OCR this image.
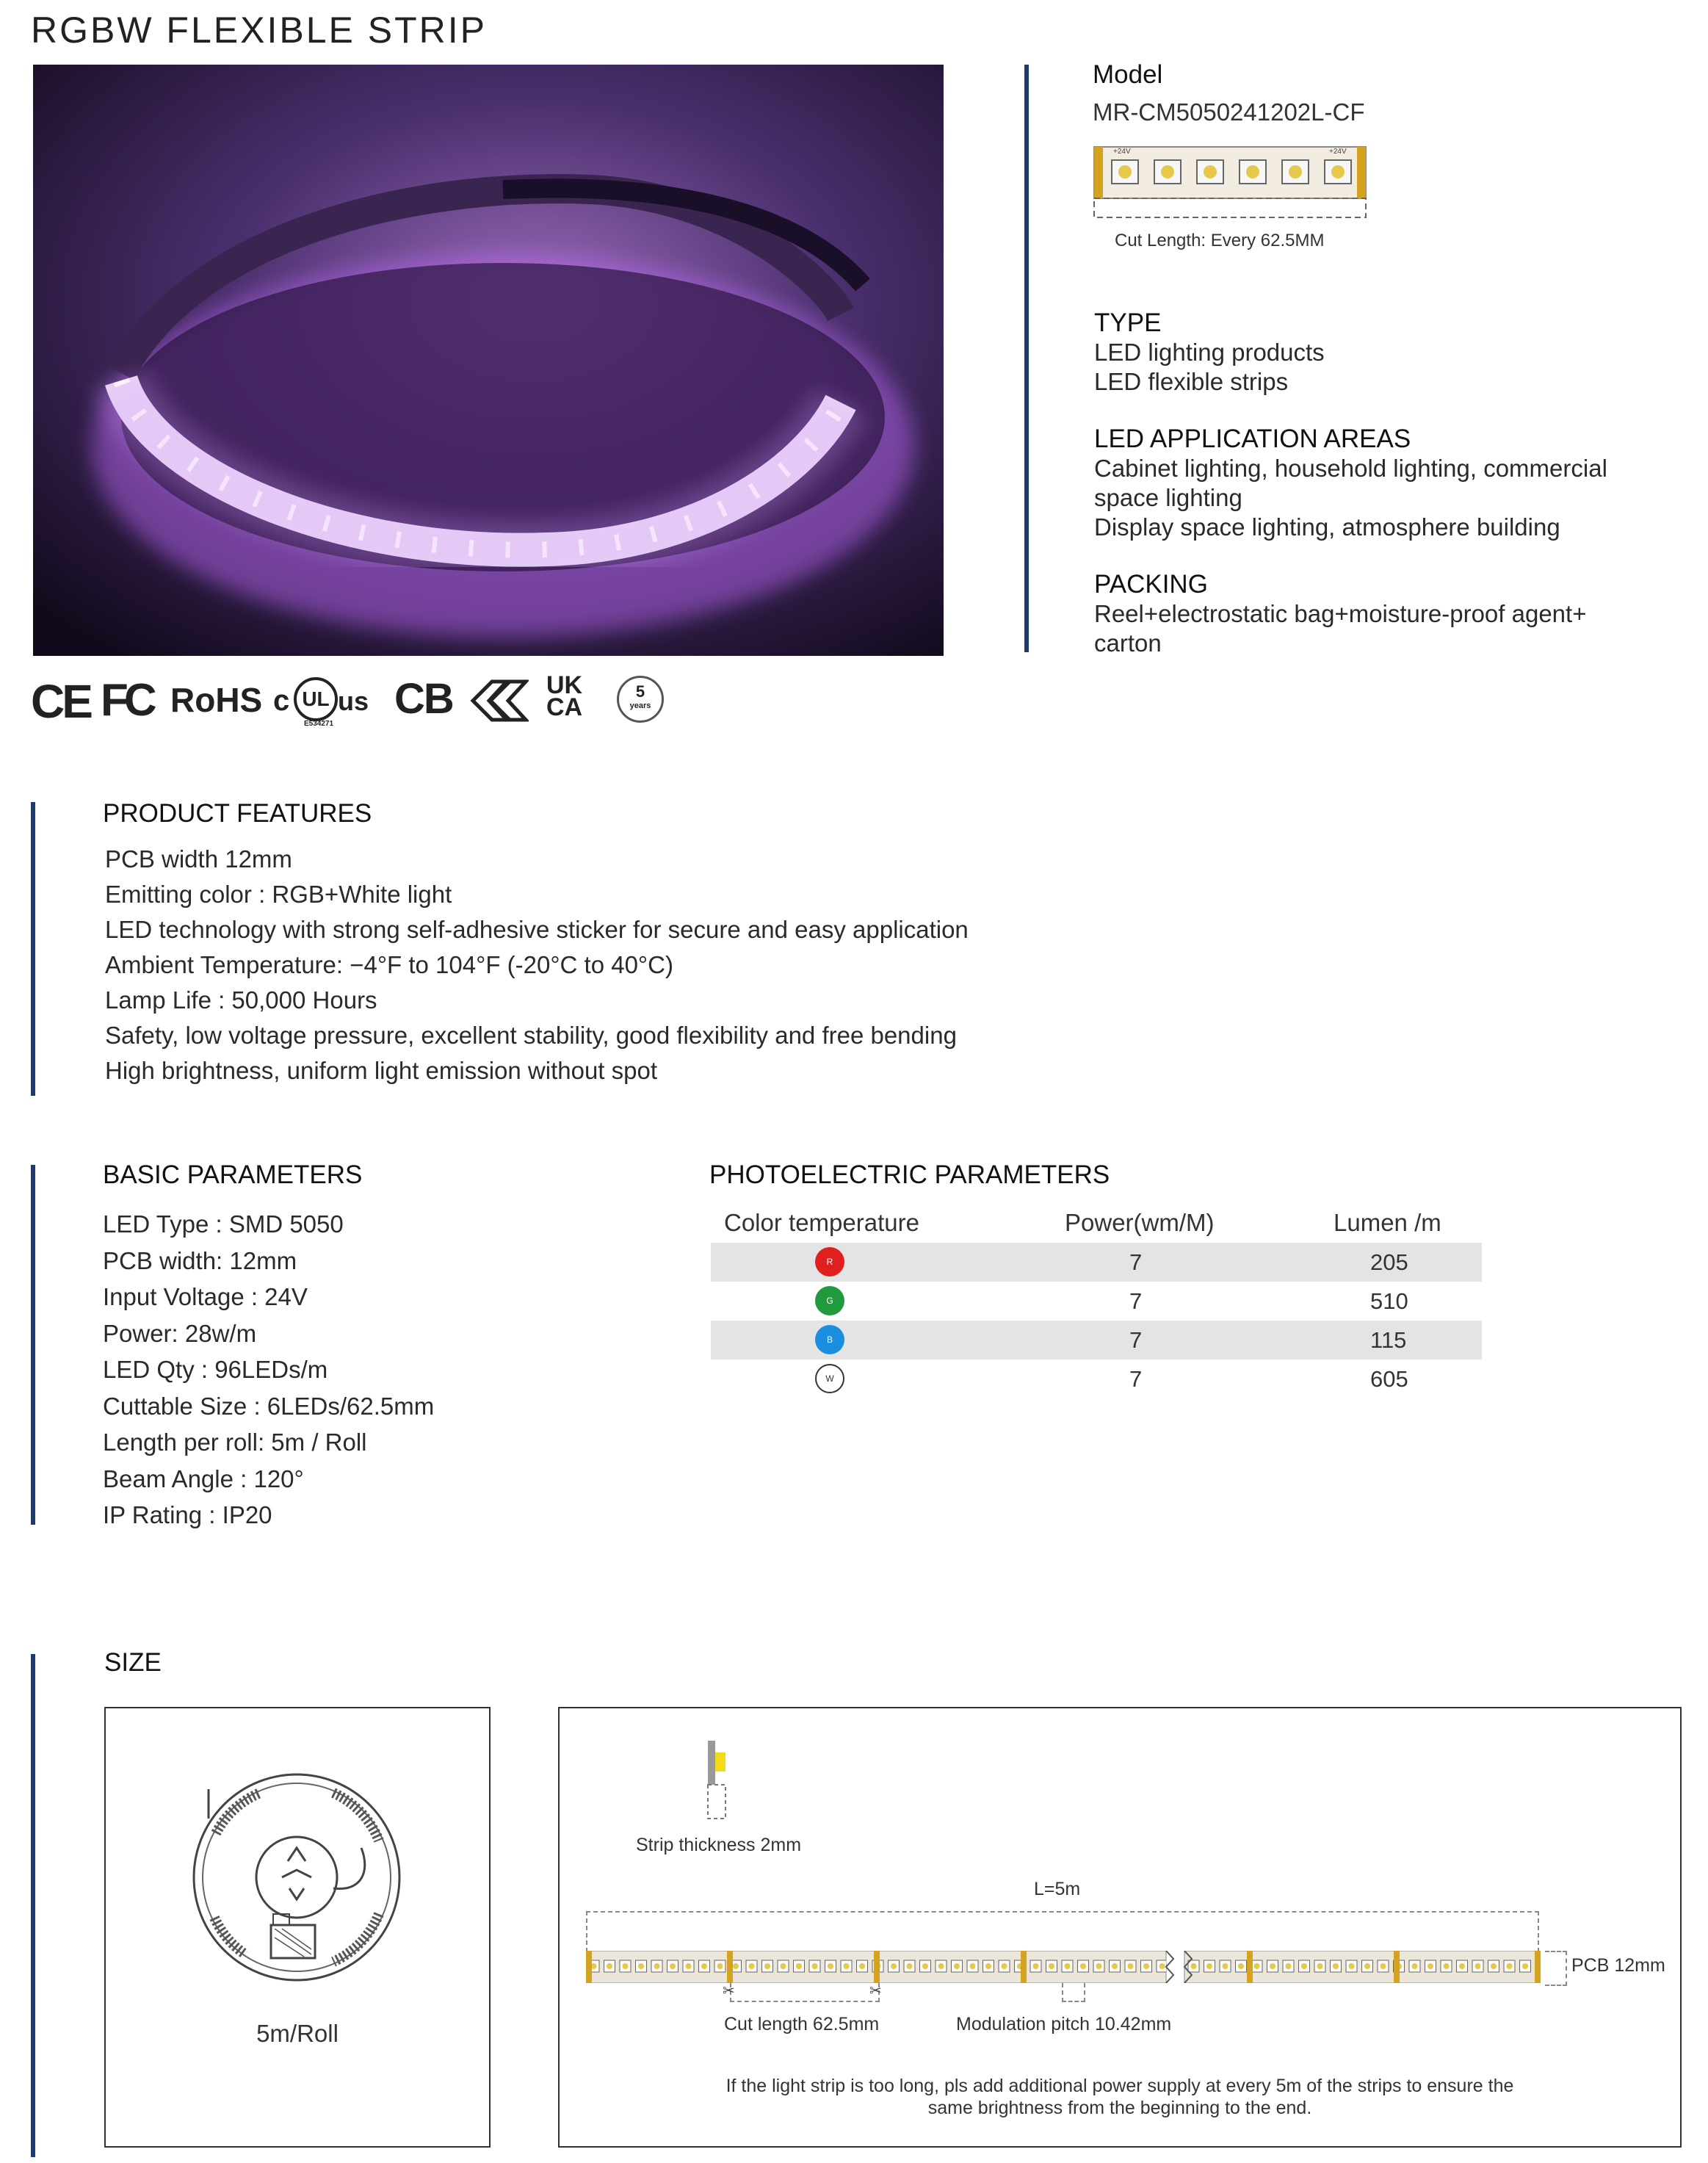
RGBW FLEXIBLE STRIP
CE FC RoHS c UL us
E534271
CB	UKCA
5
years
Model
MR-CM5050241202L-CF
+24V	+24V
Cut Length: Every 62.5MM
TYPE
LED lighting products
LED flexible strips
LED APPLICATION AREAS
Cabinet lighting, household lighting, commercial
space lighting
Display space lighting, atmosphere building
PACKING
Reel+electrostatic bag+moisture-proof agent+
carton
PRODUCT FEATURES
PCB width 12mm
Emitting color : RGB+White light
LED technology with strong self-adhesive sticker for secure and easy application
Ambient Temperature: −4°F to 104°F (-20°C to 40°C)
Lamp Life : 50,000 Hours
Safety, low voltage pressure, excellent stability, good flexibility and free bending
High brightness, uniform light emission without spot
BASIC PARAMETERS
LED Type : SMD 5050
PCB width: 12mm
Input Voltage : 24V
Power: 28w/m
LED Qty : 96LEDs/m
Cuttable Size : 6LEDs/62.5mm
Length per roll: 5m / Roll
Beam Angle : 120°
IP Rating : IP20
PHOTOELECTRIC PARAMETERS
Color temperature	Power(wm/M)	Lumen /m
R	7	205
G	7	510
B	7	115
W	7	605
SIZE
5m/Roll
Strip thickness 2mm
L=5m
PCB 12mm
✂	✂
Cut length 62.5mm	Modulation pitch 10.42mm
If the light strip is too long, pls add additional power supply at every 5m of the strips to ensure the
same brightness from the beginning to the end.
